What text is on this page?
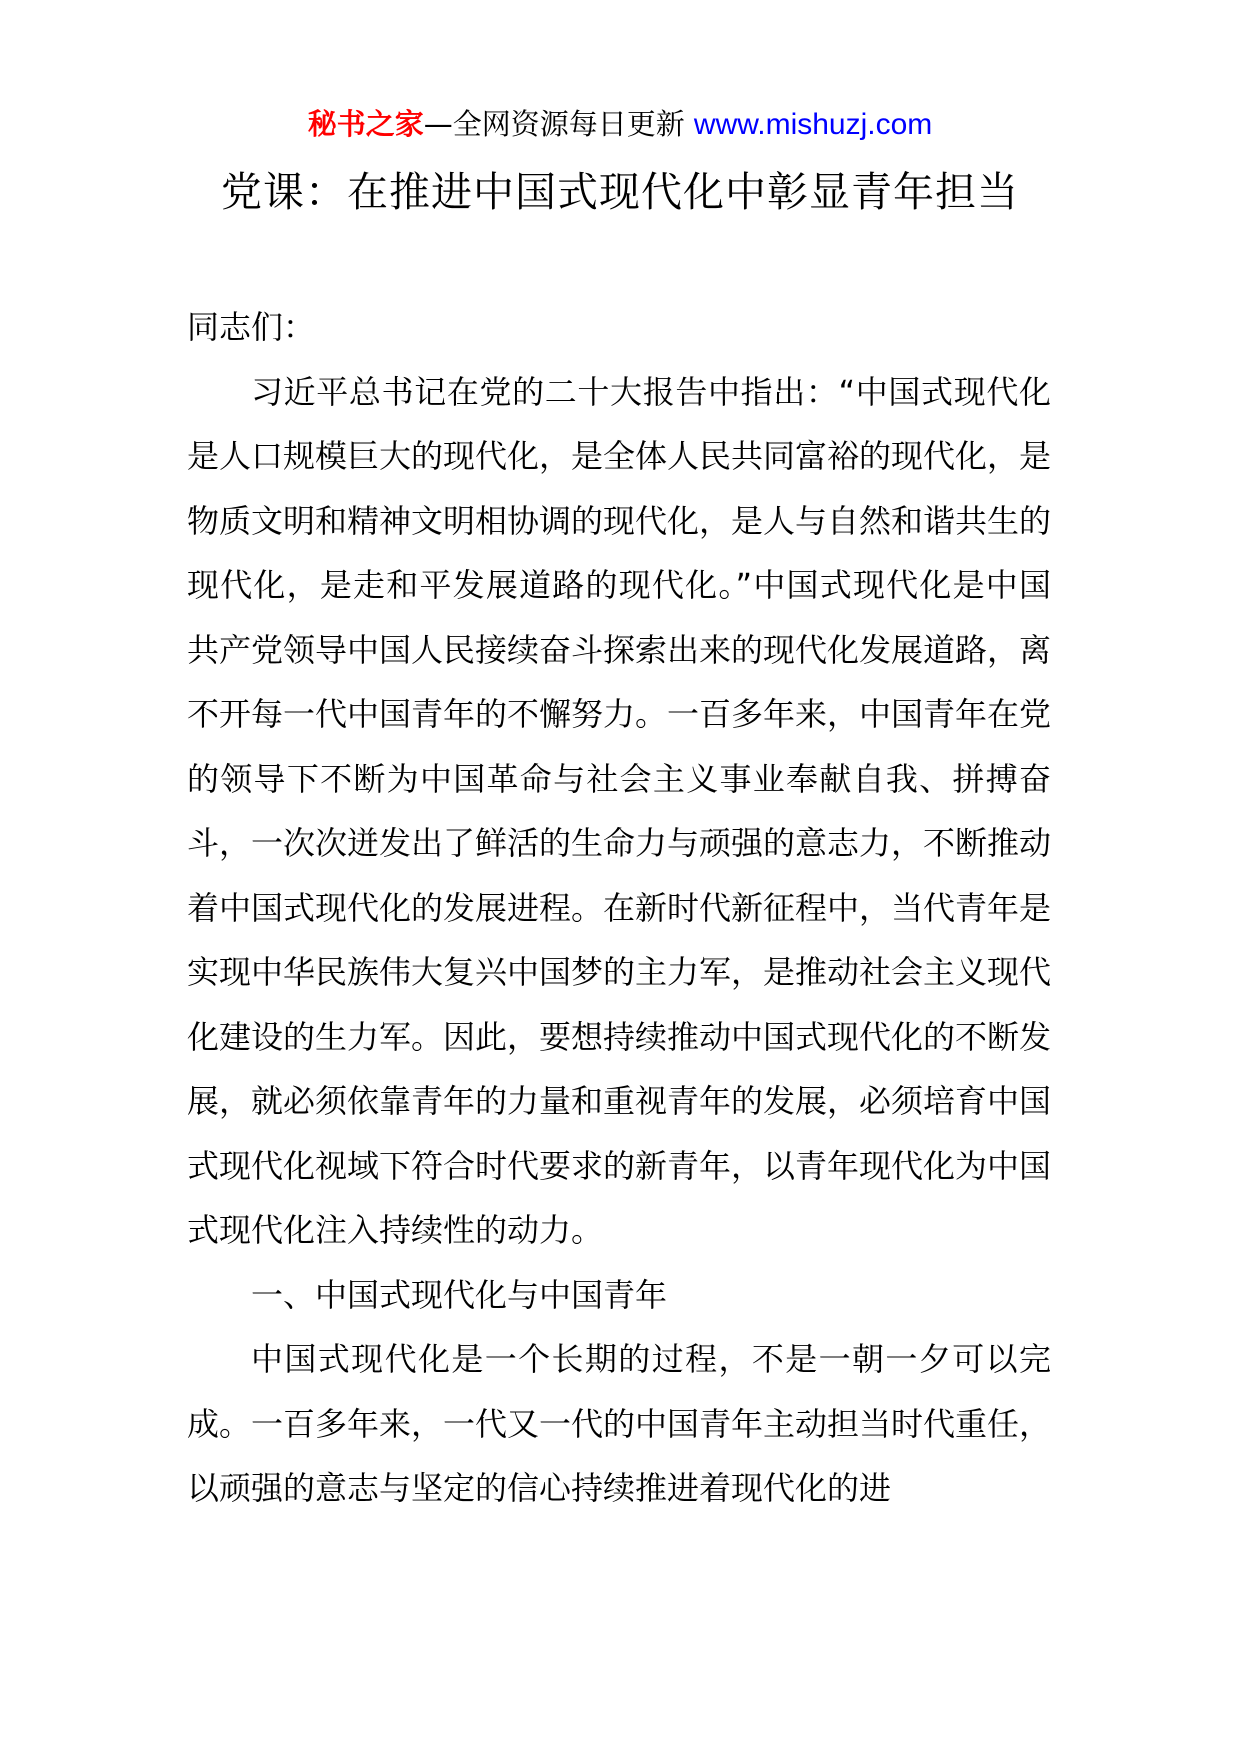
秘书之家—全网资源每日更新 www.mishuzj.com
党课：在推进中国式现代化中彰显青年担当

同志们：

习近平总书记在党的二十大报告中指出：“中国式现代化是人口规模巨大的现代化，是全体人民共同富裕的现代化，是物质文明和精神文明相协调的现代化，是人与自然和谐共生的现代化，是走和平发展道路的现代化。”中国式现代化是中国共产党领导中国人民接续奋斗探索出来的现代化发展道路，离不开每一代中国青年的不懈努力。一百多年来，中国青年在党的领导下不断为中国革命与社会主义事业奉献自我、拼搏奋斗，一次次迸发出了鲜活的生命力与顽强的意志力，不断推动着中国式现代化的发展进程。在新时代新征程中，当代青年是实现中华民族伟大复兴中国梦的主力军，是推动社会主义现代化建设的生力军。因此，要想持续推动中国式现代化的不断发展，就必须依靠青年的力量和重视青年的发展，必须培育中国式现代化视域下符合时代要求的新青年，以青年现代化为中国式现代化注入持续性的动力。

一、中国式现代化与中国青年

中国式现代化是一个长期的过程，不是一朝一夕可以完成。一百多年来，一代又一代的中国青年主动担当时代重任，以顽强的意志与坚定的信心持续推进着现代化的进
